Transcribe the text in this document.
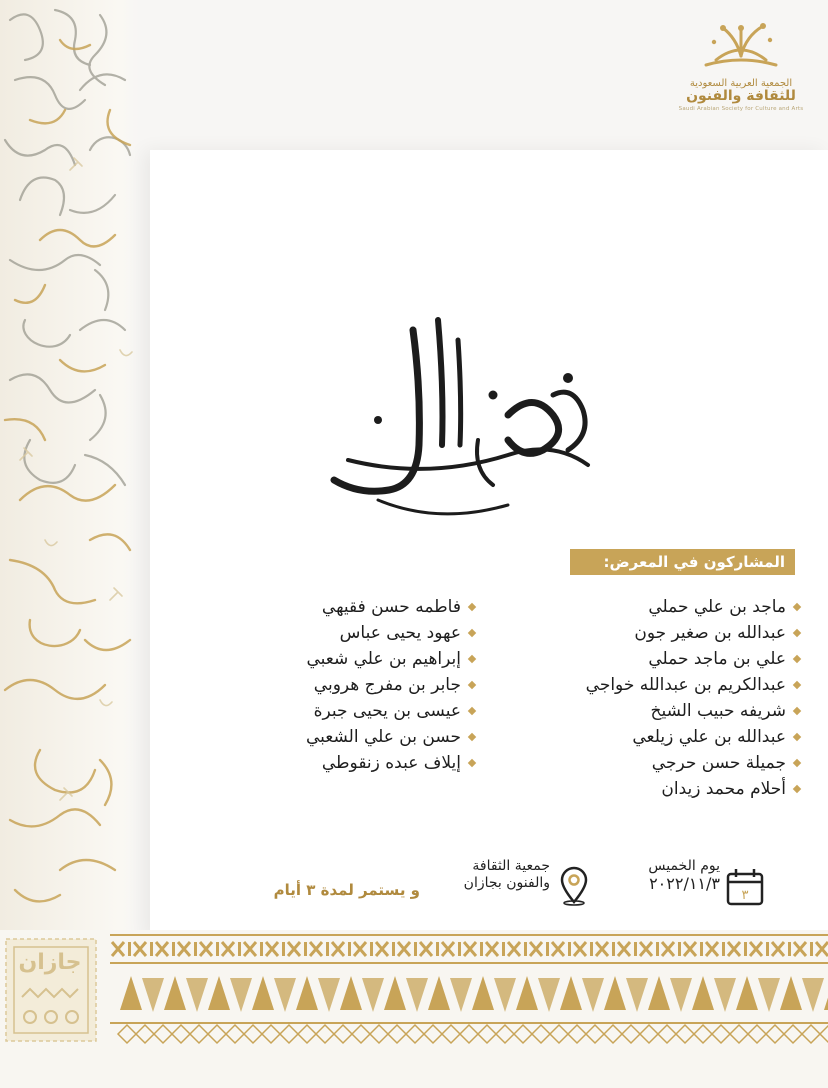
الجمعية العربية السعودية
للثقافة والفنون
Saudi Arabian Society for Culture and Arts
المشاركون في المعرض:
ماجد بن علي حملي
عبدالله بن صغير جون
علي بن ماجد حملي
عبدالكريم بن عبدالله خواجي
شريفه حبيب الشيخ
عبدالله بن علي زيلعي
جميلة حسن حرجي
أحلام محمد زيدان
فاطمه حسن فقيهي
عهود يحيى عباس
إبراهيم بن علي شعبي
جابر بن مفرج هروبي
عيسى بن يحيى جبرة
حسن بن علي الشعبي
إيلاف عبده زنقوطي
٣
يوم الخميس
٢٠٢٢/١١/٣
جمعية الثقافة
والفنون بجازان
و يستمر لمدة ٣ أيام
جازان
